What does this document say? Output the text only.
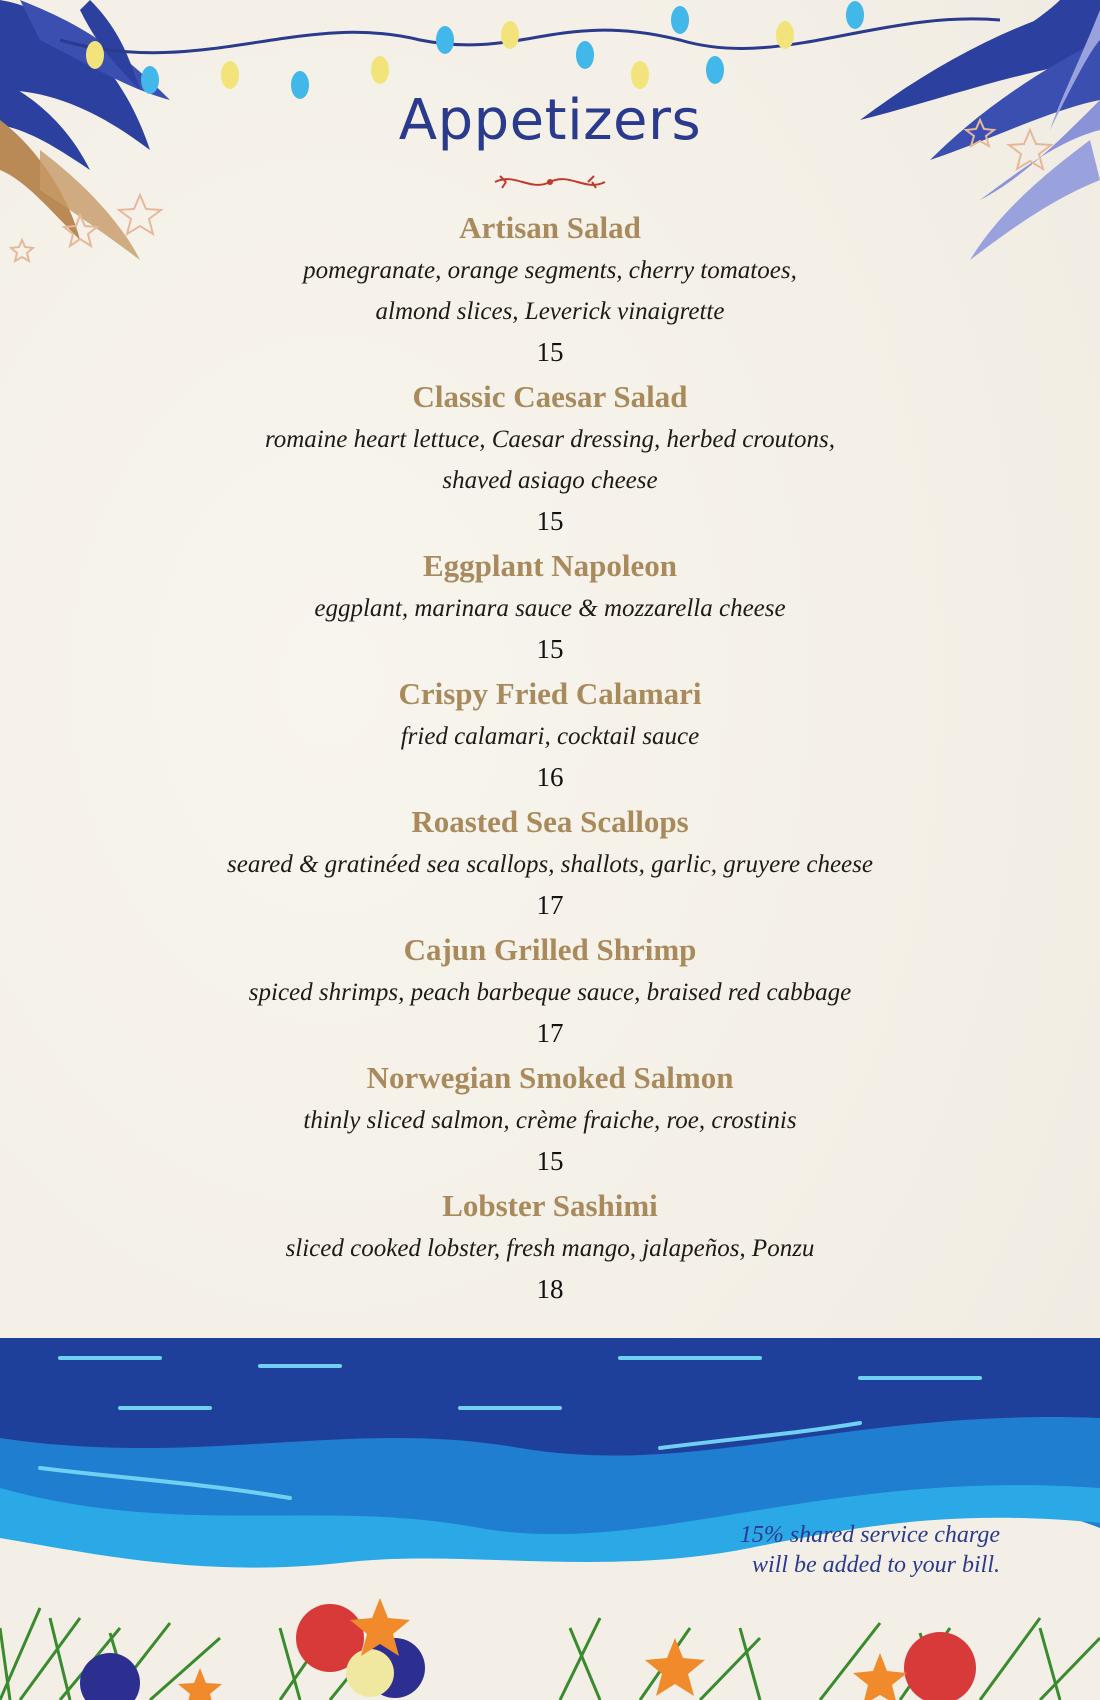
Appetizers
Artisan Salad
pomegranate, orange segments, cherry tomatoes,
almond slices, Leverick vinaigrette
15
Classic Caesar Salad
romaine heart lettuce, Caesar dressing, herbed croutons,
shaved asiago cheese
15
Eggplant Napoleon
eggplant, marinara sauce & mozzarella cheese
15
Crispy Fried Calamari
fried calamari, cocktail sauce
16
Roasted Sea Scallops
seared & gratinéed sea scallops, shallots, garlic, gruyere cheese
17
Cajun Grilled Shrimp
spiced shrimps, peach barbeque sauce, braised red cabbage
17
Norwegian Smoked Salmon
thinly sliced salmon, crème fraiche, roe, crostinis
15
Lobster Sashimi
sliced cooked lobster, fresh mango, jalapeños, Ponzu
18
15% shared service charge
will be added to your bill.
